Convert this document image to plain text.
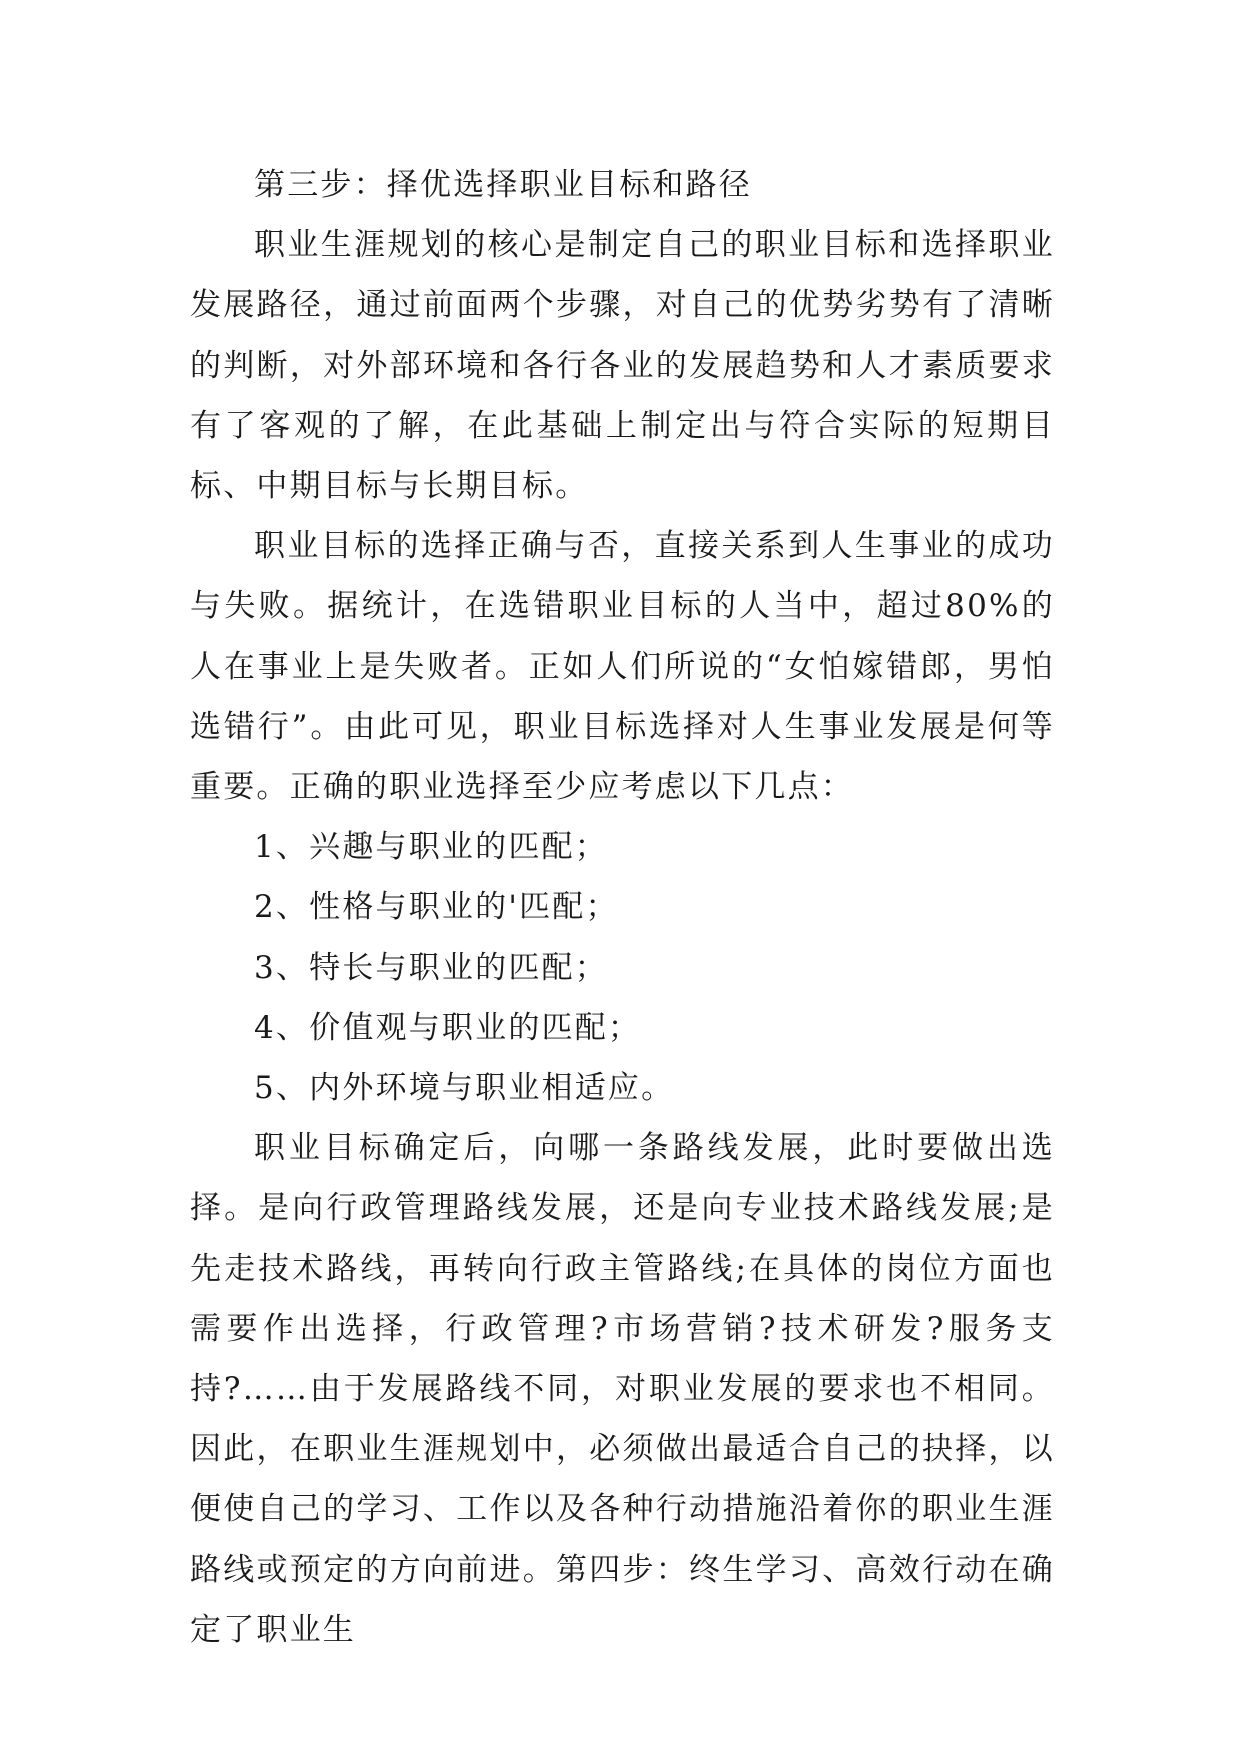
第三步：择优选择职业目标和路径

职业生涯规划的核心是制定自己的职业目标和选择职业发展路径，通过前面两个步骤，对自己的优势劣势有了清晰的判断，对外部环境和各行各业的发展趋势和人才素质要求有了客观的了解，在此基础上制定出与符合实际的短期目标、中期目标与长期目标。

职业目标的选择正确与否，直接关系到人生事业的成功与失败。据统计，在选错职业目标的人当中，超过80%的人在事业上是失败者。正如人们所说的“女怕嫁错郎，男怕选错行”。由此可见，职业目标选择对人生事业发展是何等重要。正确的职业选择至少应考虑以下几点：

1、兴趣与职业的匹配；

2、性格与职业的'匹配；

3、特长与职业的匹配；

4、价值观与职业的匹配；

5、内外环境与职业相适应。

职业目标确定后，向哪一条路线发展，此时要做出选择。是向行政管理路线发展，还是向专业技术路线发展;是先走技术路线，再转向行政主管路线;在具体的岗位方面也需要作出选择，行政管理?市场营销?技术研发?服务支持?……由于发展路线不同，对职业发展的要求也不相同。因此，在职业生涯规划中，必须做出最适合自己的抉择，以便使自己的学习、工作以及各种行动措施沿着你的职业生涯路线或预定的方向前进。第四步：终生学习、高效行动在确定了职业生
